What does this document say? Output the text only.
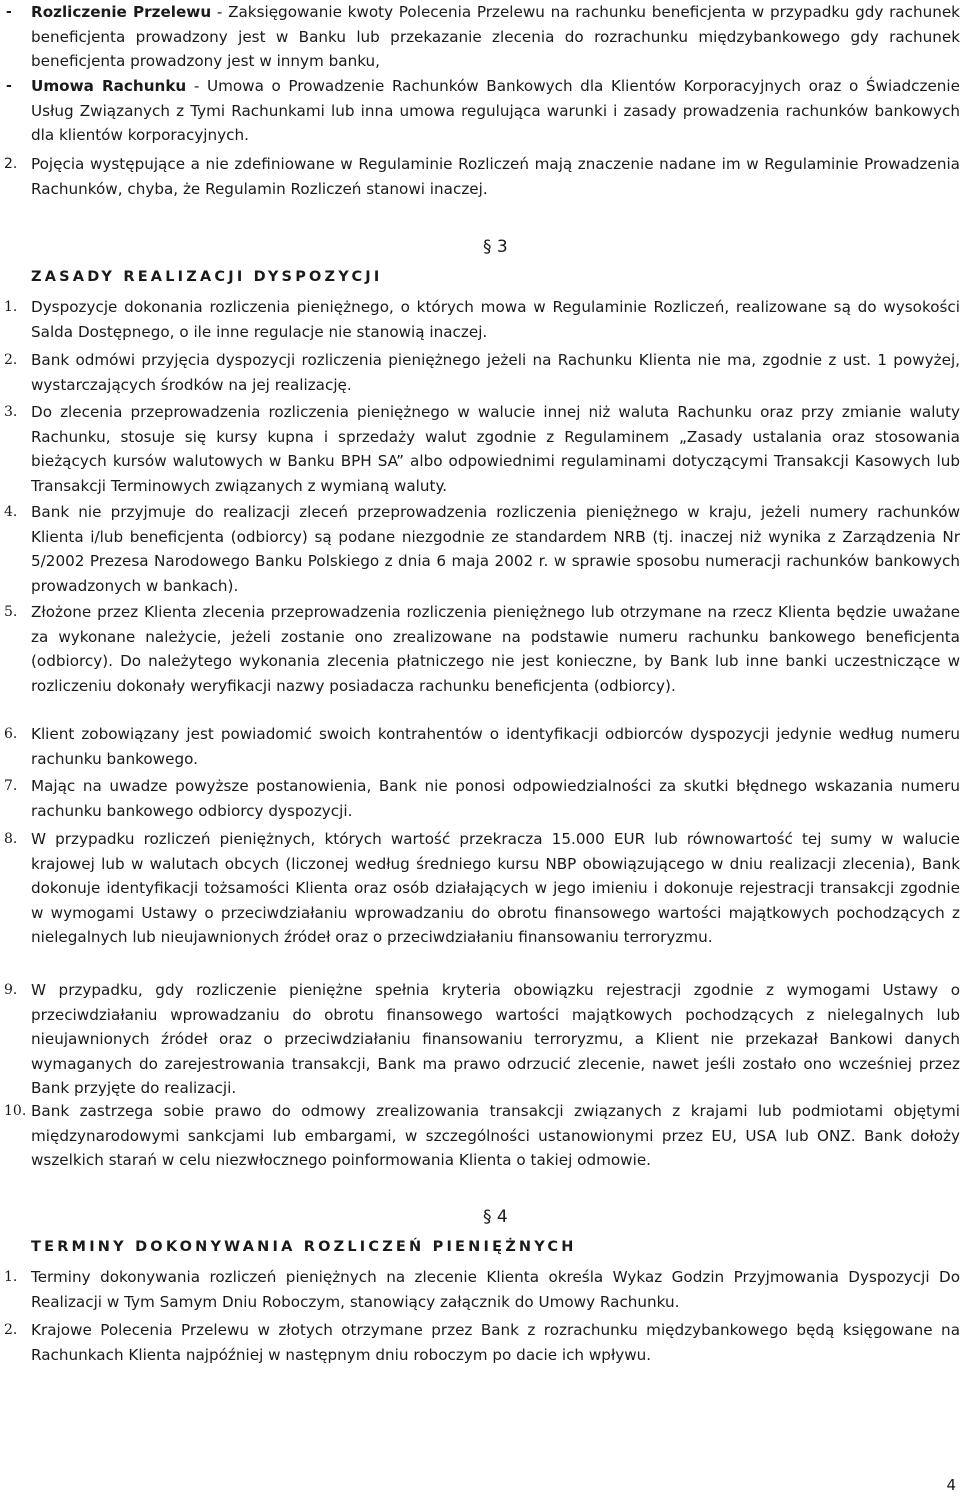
- Rozliczenie Przelewu - Zaksięgowanie kwoty Polecenia Przelewu na rachunku beneficjenta w przypadku gdy rachunek beneficjenta prowadzony jest w Banku lub przekazanie zlecenia do rozrachunku międzybankowego gdy rachunek beneficjenta prowadzony jest w innym banku,
- Umowa Rachunku - Umowa o Prowadzenie Rachunków Bankowych dla Klientów Korporacyjnych oraz o Świadczenie Usług Związanych z Tymi Rachunkami lub inna umowa regulująca warunki i zasady prowadzenia rachunków bankowych dla klientów korporacyjnych.
2. Pojęcia występujące a nie zdefiniowane w Regulaminie Rozliczeń mają znaczenie nadane im w Regulaminie Prowadzenia Rachunków, chyba, że Regulamin Rozliczeń stanowi inaczej.
§ 3
ZASADY REALIZACJI DYSPOZYCJI
1. Dyspozycje dokonania rozliczenia pieniężnego, o których mowa w Regulaminie Rozliczeń, realizowane są do wysokości Salda Dostępnego, o ile inne regulacje nie stanowią inaczej.
2. Bank odmówi przyjęcia dyspozycji rozliczenia pieniężnego jeżeli na Rachunku Klienta nie ma, zgodnie z ust. 1 powyżej, wystarczających środków na jej realizację.
3. Do zlecenia przeprowadzenia rozliczenia pieniężnego w walucie innej niż waluta Rachunku oraz przy zmianie waluty Rachunku, stosuje się kursy kupna i sprzedaży walut zgodnie z Regulaminem „Zasady ustalania oraz stosowania bieżących kursów walutowych w Banku BPH SA” albo odpowiednimi regulaminami dotyczącymi Transakcji Kasowych lub Transakcji Terminowych związanych z wymianą waluty.
4. Bank nie przyjmuje do realizacji zleceń przeprowadzenia rozliczenia pieniężnego w kraju, jeżeli numery rachunków Klienta i/lub beneficjenta (odbiorcy) są podane niezgodnie ze standardem NRB (tj. inaczej niż wynika z Zarządzenia Nr 5/2002 Prezesa Narodowego Banku Polskiego z dnia 6 maja 2002 r. w sprawie sposobu numeracji rachunków bankowych prowadzonych w bankach).
5. Złożone przez Klienta zlecenia przeprowadzenia rozliczenia pieniężnego lub otrzymane na rzecz Klienta będzie uważane za wykonane należycie, jeżeli zostanie ono zrealizowane na podstawie numeru rachunku bankowego beneficjenta (odbiorcy). Do należytego wykonania zlecenia płatniczego nie jest konieczne, by Bank lub inne banki uczestniczące w rozliczeniu dokonały weryfikacji nazwy posiadacza rachunku beneficjenta (odbiorcy).
6. Klient zobowiązany jest powiadomić swoich kontrahentów o identyfikacji odbiorców dyspozycji jedynie według numeru rachunku bankowego.
7. Mając na uwadze powyższe postanowienia, Bank nie ponosi odpowiedzialności za skutki błędnego wskazania numeru rachunku bankowego odbiorcy dyspozycji.
8. W przypadku rozliczeń pieniężnych, których wartość przekracza 15.000 EUR lub równowartość tej sumy w walucie krajowej lub w walutach obcych (liczonej według średniego kursu NBP obowiązującego w dniu realizacji zlecenia), Bank dokonuje identyfikacji tożsamości Klienta oraz osób działających w jego imieniu i dokonuje rejestracji transakcji zgodnie w wymogami Ustawy o przeciwdziałaniu wprowadzaniu do obrotu finansowego wartości majątkowych pochodzących z nielegalnych lub nieujawnionych źródeł oraz o przeciwdziałaniu finansowaniu terroryzmu.
9. W przypadku, gdy rozliczenie pieniężne spełnia kryteria obowiązku rejestracji zgodnie z wymogami Ustawy o przeciwdziałaniu wprowadzaniu do obrotu finansowego wartości majątkowych pochodzących z nielegalnych lub nieujawnionych źródeł oraz o przeciwdziałaniu finansowaniu terroryzmu, a Klient nie przekazał Bankowi danych wymaganych do zarejestrowania transakcji, Bank ma prawo odrzucić zlecenie, nawet jeśli zostało ono wcześniej przez Bank przyjęte do realizacji.
10. Bank zastrzega sobie prawo do odmowy zrealizowania transakcji związanych z krajami lub podmiotami objętymi międzynarodowymi sankcjami lub embargami, w szczególności ustanowionymi przez EU, USA lub ONZ. Bank dołoży wszelkich starań w celu niezwłocznego poinformowania Klienta o takiej odmowie.
§ 4
TERMINY DOKONYWANIA ROZLICZEŃ PIENIĘŻNYCH
1. Terminy dokonywania rozliczeń pieniężnych na zlecenie Klienta określa Wykaz Godzin Przyjmowania Dyspozycji Do Realizacji w Tym Samym Dniu Roboczym, stanowiący załącznik do Umowy Rachunku.
2. Krajowe Polecenia Przelewu w złotych otrzymane przez Bank z rozrachunku międzybankowego będą księgowane na Rachunkach Klienta najpóźniej w następnym dniu roboczym po dacie ich wpływu.
4
